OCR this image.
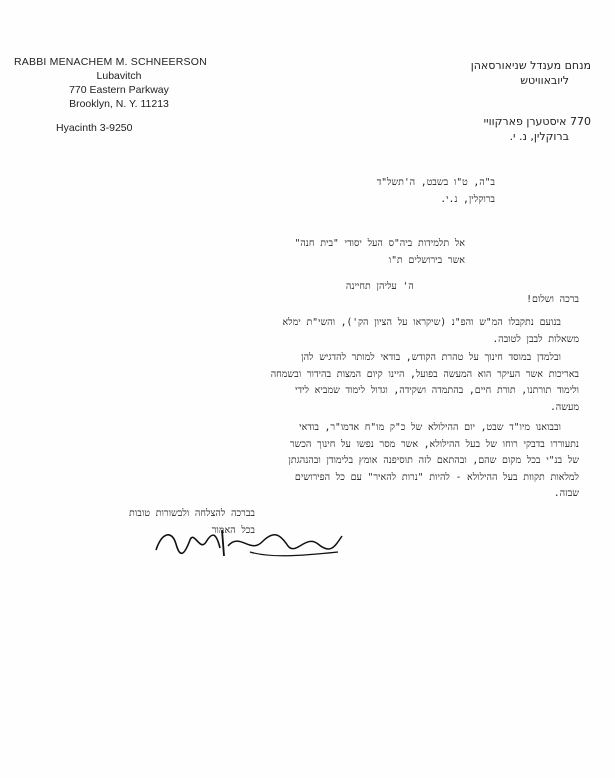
RABBI MENACHEM M. SCHNEERSON
Lubavitch
770 Eastern Parkway
Brooklyn, N. Y. 11213
Hyacinth 3-9250
מנחם מענדל שניאורסאהן
ליובאוויטש
770 איסטערן פארקוויי
ברוקלין, נ. י.
ב"ה, ט"ו בשבט, ה'תשל"ד
ברוקלין, נ.י.
אל תלמידות ביה"ס העל יסודי "בית חנה"
אשר בירושלים ת"ו
ה' עליהן תחיינה
ברכה ושלום!
בנועם נתקבלו המ"ש והפ"נ (שיקראו על הציון הק'), והשי"ת ימלא
משאלות לבבן לטובה.
ובלמדן במוסד חינוך על טהרת הקודש, בודאי למותר להדגיש להן
באריכות אשר העיקר הוא המעשה בפועל, היינו קיום המצות בהידור ובשמחה
ולימוד תורתנו, תורת חיים, בהתמדה ושקידה, וגדול לימוד שמביא לידי
מעשה.
ובבואנו מיו"ד שבט, יום ההילולא של כ"ק מו"ח אדמו"ר, בודאי
נתעוררו בדבקי רוחו של בעל ההילולא, אשר מסר נפשו על חינוך הכשר
של בנ"י בכל מקום שהם, ובהתאם לזה תוסיפנה אומץ בלימודן ובהנהגתן
למלאות תקוות בעל ההילולא - להיות "נרות להאיר" עם כל הפירושים
שבזה.
בברכה להצלחה ולבשורות טובות
בכל האמור
